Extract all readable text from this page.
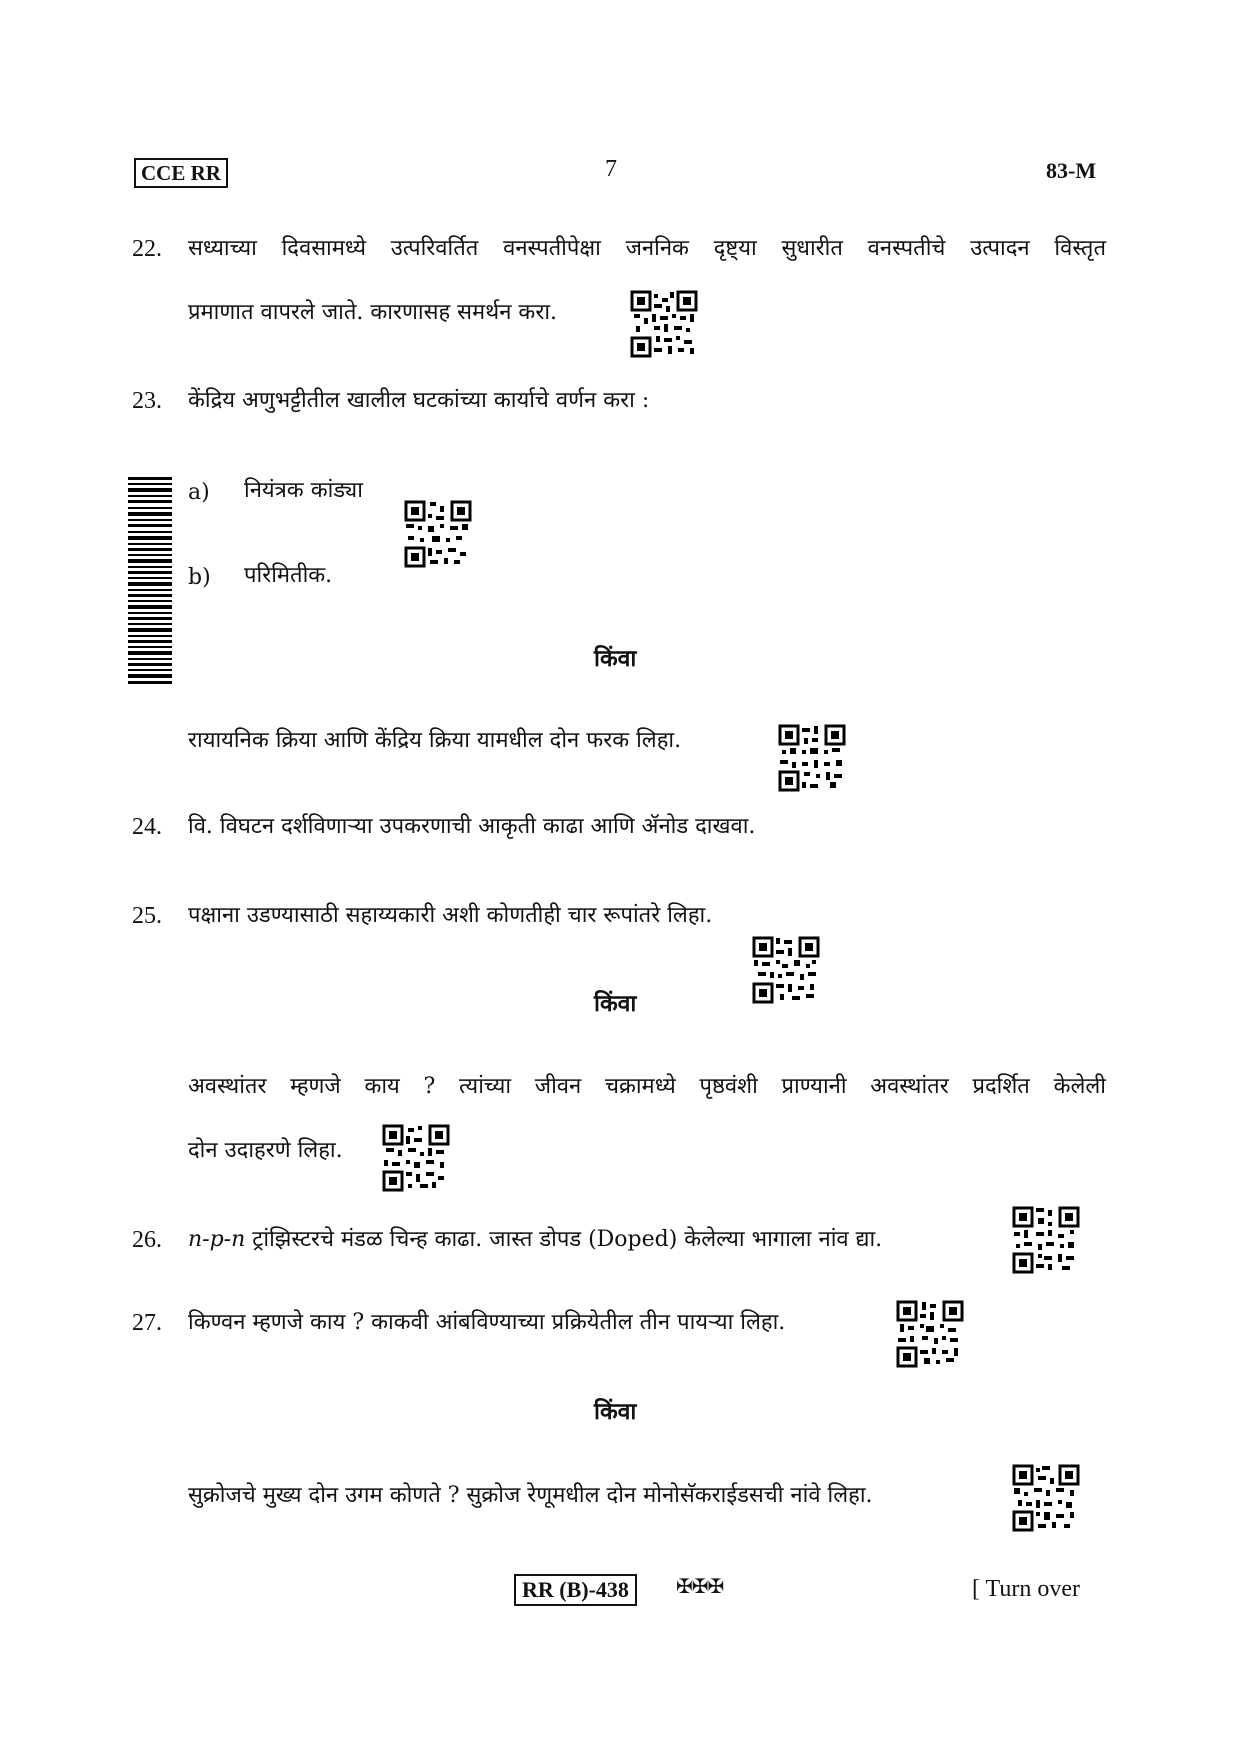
CCE RR	7	83-M
22. सध्याच्या दिवसामध्ये उत्परिवर्तित वनस्पतीपेक्षा जननिक दृष्ट्या सुधारीत वनस्पतीचे उत्पादन विस्तृत
प्रमाणात वापरले जाते. कारणासह समर्थन करा.
23. केंद्रिय अणुभट्टीतील खालील घटकांच्या कार्याचे वर्णन करा :
a) नियंत्रक कांड्या
b) परिमितीक.
किंवा
रायायनिक क्रिया आणि केंद्रिय क्रिया यामधील दोन फरक लिहा.
24. वि. विघटन दर्शविणाऱ्या उपकरणाची आकृती काढा आणि ॲनोड दाखवा.
25. पक्षाना उडण्यासाठी सहाय्यकारी अशी कोणतीही चार रूपांतरे लिहा.
किंवा
अवस्थांतर म्हणजे काय ? त्यांच्या जीवन चक्रामध्ये पृष्ठवंशी प्राण्यानी अवस्थांतर प्रदर्शित केलेली
दोन उदाहरणे लिहा.
26. n-p-n ट्रांझिस्टरचे मंडळ चिन्ह काढा. जास्त डोपड (Doped) केलेल्या भागाला नांव द्या.
27. किण्वन म्हणजे काय ? काकवी आंबविण्याच्या प्रक्रियेतील तीन पायऱ्या लिहा.
किंवा
सुक्रोजचे मुख्य दोन उगम कोणते ? सुक्रोज रेणूमधील दोन मोनोसॅकराईडसची नांवे लिहा.
RR (B)-438	✠✠✠	[ Turn over
